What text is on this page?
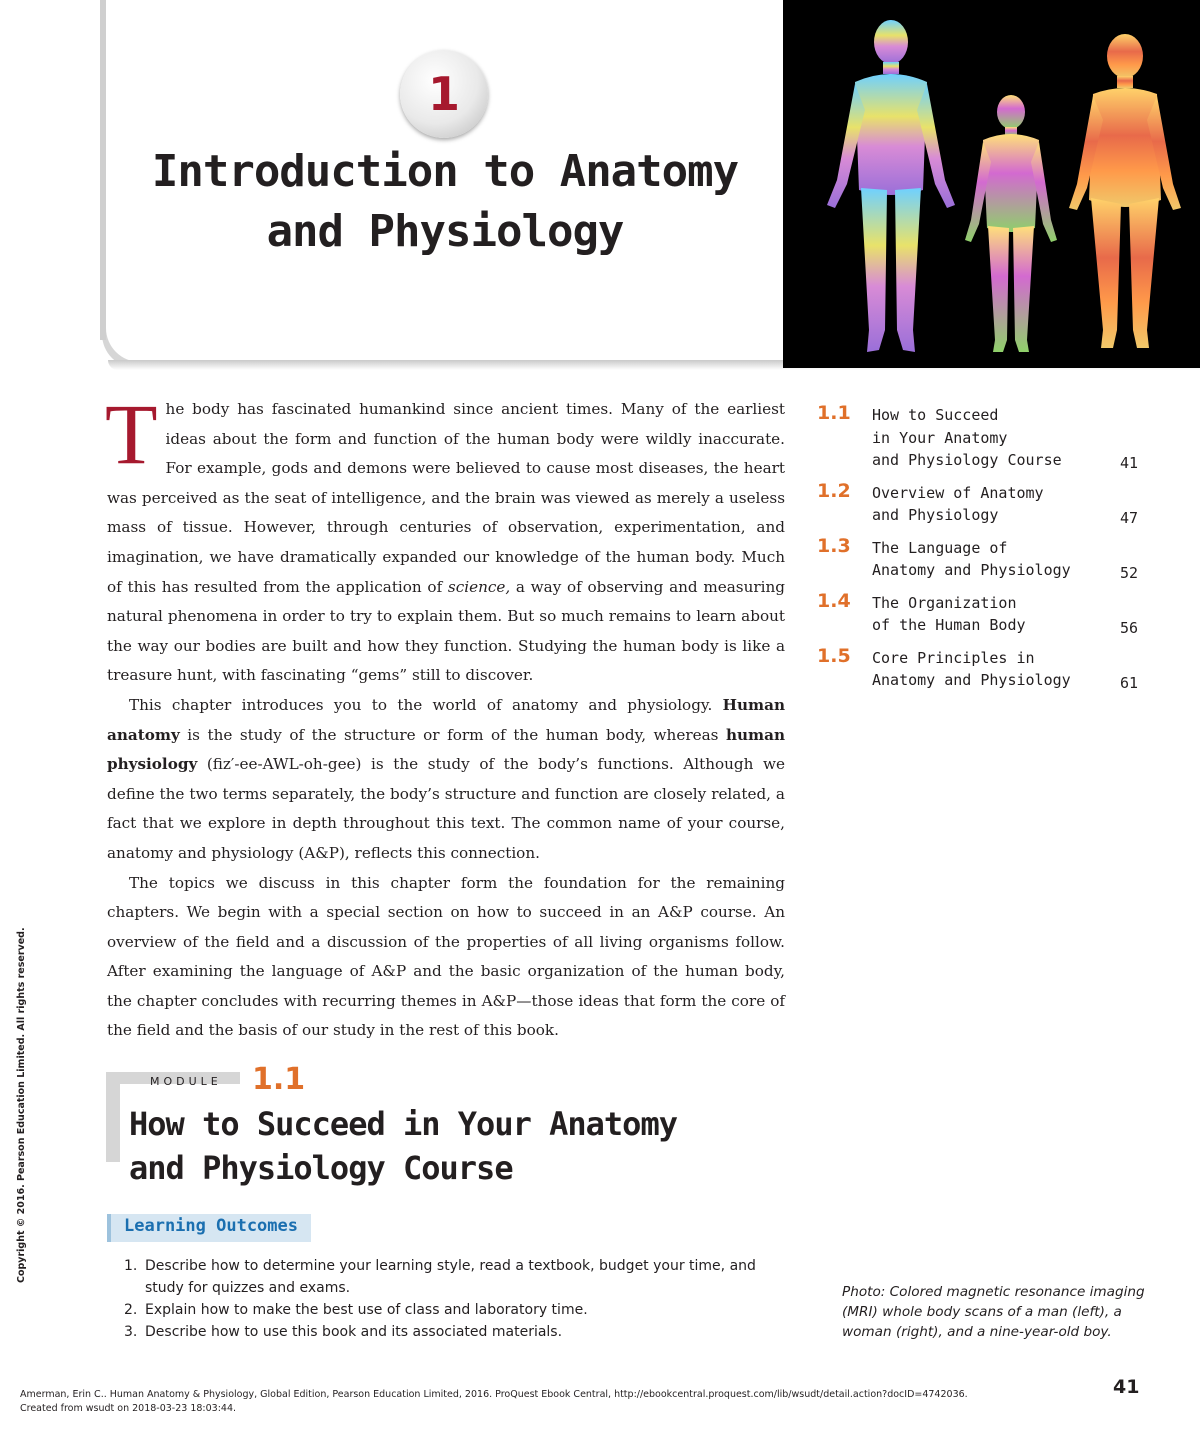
1
Introduction to Anatomy
and Physiology

The body has fascinated humankind since ancient times. Many of the earliest ideas about the form and function of the human body were wildly inaccurate. For example, gods and demons were believed to cause most diseases, the heart was perceived as the seat of intelligence, and the brain was viewed as merely a useless mass of tissue. However, through centuries of observation, experimentation, and imagination, we have dramatically expanded our knowledge of the human body. Much of this has resulted from the application of science, a way of observing and measuring natural phenomena in order to try to explain them. But so much remains to learn about the way our bodies are built and how they function. Studying the human body is like a treasure hunt, with fascinating “gems” still to discover.

This chapter introduces you to the world of anatomy and physiology. Human anatomy is the study of the structure or form of the human body, whereas human physiology (fiz′-ee-AWL-oh-gee) is the study of the body’s functions. Although we define the two terms separately, the body’s structure and function are closely related, a fact that we explore in depth throughout this text. The common name of your course, anatomy and physiology (A&P), reflects this connection.

The topics we discuss in this chapter form the foundation for the remaining chapters. We begin with a special section on how to succeed in an A&P course. An overview of the field and a discussion of the properties of all living organisms follow. After examining the language of A&P and the basic organization of the human body, the chapter concludes with recurring themes in A&P—those ideas that form the core of the field and the basis of our study in the rest of this book.

1.1 How to Succeed
in Your Anatomy
and Physiology Course	41
1.2 Overview of Anatomy
and Physiology	47
1.3 The Language of
Anatomy and Physiology	52
1.4 The Organization
of the Human Body	56
1.5 Core Principles in
Anatomy and Physiology	61
MODULE 1.1
How to Succeed in Your Anatomy
and Physiology Course
Learning Outcomes
1. Describe how to determine your learning style, read a textbook, budget your time, and study for quizzes and exams.
2. Explain how to make the best use of class and laboratory time.
3. Describe how to use this book and its associated materials.
Photo: Colored magnetic resonance imaging (MRI) whole body scans of a man (left), a woman (right), and a nine-year-old boy.
Copyright © 2016. Pearson Education Limited. All rights reserved.
Amerman, Erin C.. Human Anatomy & Physiology, Global Edition, Pearson Education Limited, 2016. ProQuest Ebook Central, http://ebookcentral.proquest.com/lib/wsudt/detail.action?docID=4742036.
Created from wsudt on 2018-03-23 18:03:44.
41
